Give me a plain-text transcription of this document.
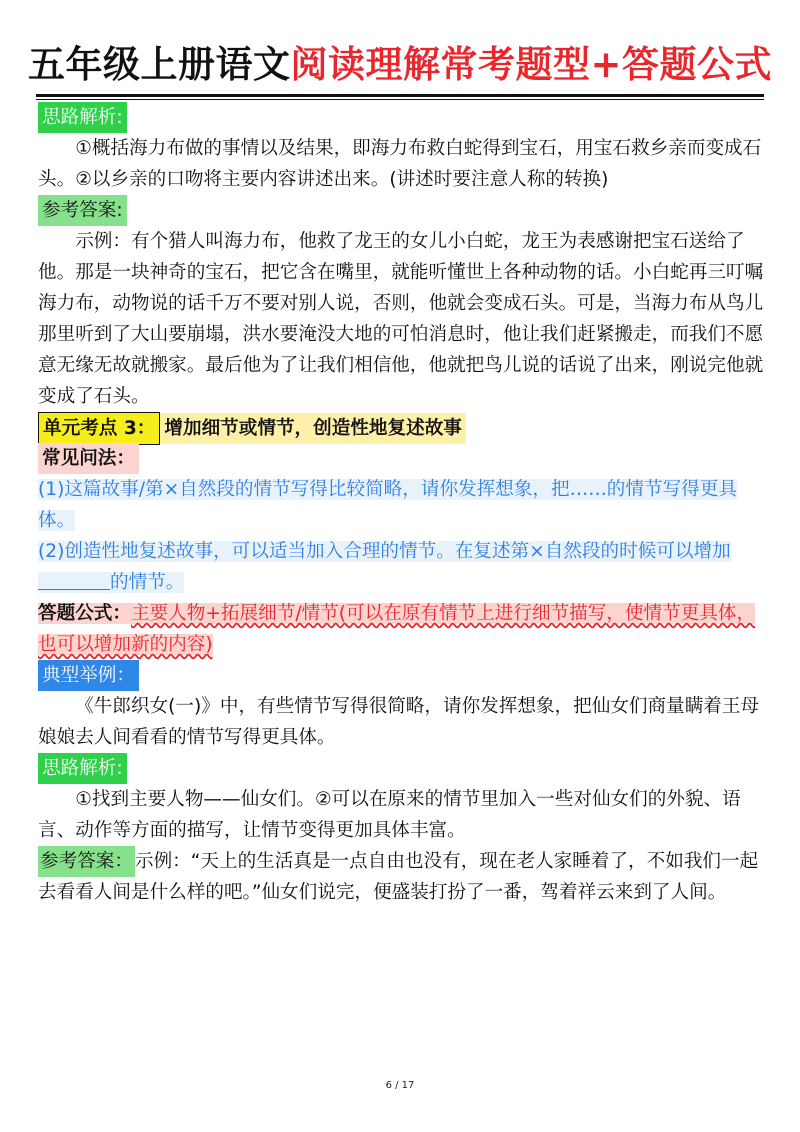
五年级上册语文阅读理解常考题型+答题公式
思路解析:

①概括海力布做的事情以及结果，即海力布救白蛇得到宝石，用宝石救乡亲而变成石头。②以乡亲的口吻将主要内容讲述出来。(讲述时要注意人称的转换)

参考答案:

示例：有个猎人叫海力布，他救了龙王的女儿小白蛇，龙王为表感谢把宝石送给了他。那是一块神奇的宝石，把它含在嘴里，就能听懂世上各种动物的话。小白蛇再三叮嘱海力布，动物说的话千万不要对别人说，否则，他就会变成石头。可是，当海力布从鸟儿那里听到了大山要崩塌，洪水要淹没大地的可怕消息时，他让我们赶紧搬走，而我们不愿意无缘无故就搬家。最后他为了让我们相信他，他就把鸟儿说的话说了出来，刚说完他就变成了石头。

单元考点 3： 增加细节或情节，创造性地复述故事
常见问法：

(1)这篇故事/第×自然段的情节写得比较简略，请你发挥想象，把……的情节写得更具体。

(2)创造性地复述故事，可以适当加入合理的情节。在复述第×自然段的时候可以增加的情节。

答题公式：主要人物+拓展细节/情节(可以在原有情节上进行细节描写，使情节更具体，也可以增加新的内容)

典型举例：

《牛郎织女(一)》中，有些情节写得很简略，请你发挥想象，把仙女们商量瞒着王母娘娘去人间看看的情节写得更具体。

思路解析:

①找到主要人物——仙女们。②可以在原来的情节里加入一些对仙女们的外貌、语言、动作等方面的描写，让情节变得更加具体丰富。

参考答案： 示例：“天上的生活真是一点自由也没有，现在老人家睡着了，不如我们一起去看看人间是什么样的吧。”仙女们说完，便盛装打扮了一番，驾着祥云来到了人间。

6 / 17
